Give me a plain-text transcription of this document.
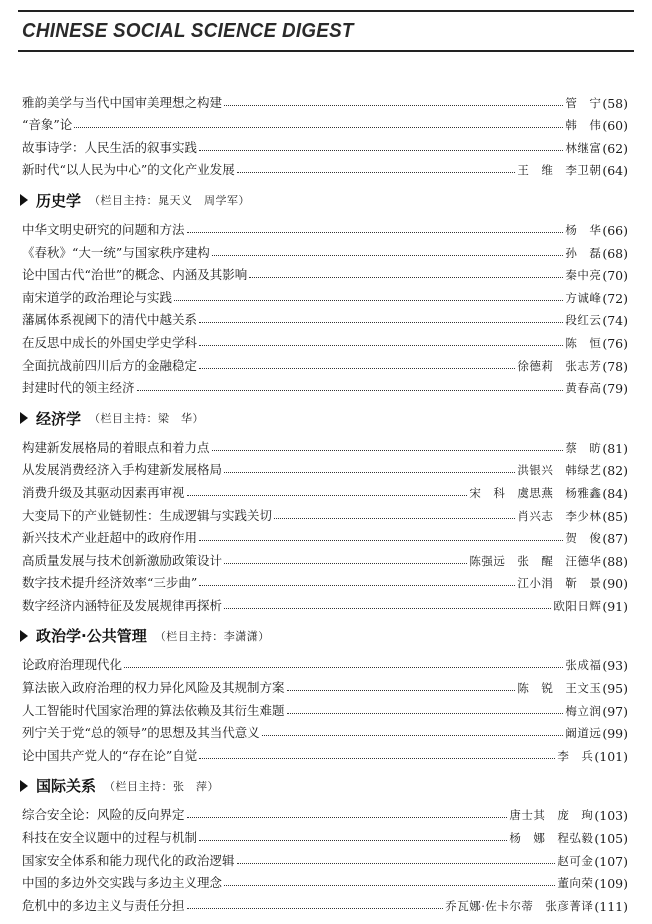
CHINESE SOCIAL SCIENCE DIGEST
雅韵美学与当代中国审美理想之构建	管　宁 (58)
“音象”论	韩　伟 (60)
故事诗学：人民生活的叙事实践	林继富 (62)
新时代“以人民为中心”的文化产业发展	王　维　李卫朝 (64)
历史学 （栏目主持：晁天义　周学军）
中华文明史研究的问题和方法	杨　华 (66)
《春秋》“大一统”与国家秩序建构	孙　磊 (68)
论中国古代“治世”的概念、内涵及其影响	秦中亮 (70)
南宋道学的政治理论与实践	方诚峰 (72)
藩属体系视阈下的清代中越关系	段红云 (74)
在反思中成长的外国史学史学科	陈　恒 (76)
全面抗战前四川后方的金融稳定	徐德莉　张志芳 (78)
封建时代的领主经济	黄春高 (79)
经济学 （栏目主持：梁　华）
构建新发展格局的着眼点和着力点	蔡　昉 (81)
从发展消费经济入手构建新发展格局	洪银兴　韩绿艺 (82)
消费升级及其驱动因素再审视	宋　科　虞思燕　杨雅鑫 (84)
大变局下的产业链韧性：生成逻辑与实践关切	肖兴志　李少林 (85)
新兴技术产业赶超中的政府作用	贺　俊 (87)
高质量发展与技术创新激励政策设计	陈强远　张　醒　汪德华 (88)
数字技术提升经济效率“三步曲”	江小涓　靳　景 (90)
数字经济内涵特征及发展规律再探析	欧阳日辉 (91)
政治学·公共管理 （栏目主持：李潇潇）
论政府治理现代化	张成福 (93)
算法嵌入政府治理的权力异化风险及其规制方案	陈　锐　王文玉 (95)
人工智能时代国家治理的算法依赖及其衍生难题	梅立润 (97)
列宁关于党“总的领导”的思想及其当代意义	阚道远 (99)
论中国共产党人的“存在论”自觉	李　兵 (101)
国际关系 （栏目主持：张　萍）
综合安全论：风险的反向界定	唐士其　庞　珣 (103)
科技在安全议题中的过程与机制	杨　娜　程弘毅 (105)
国家安全体系和能力现代化的政治逻辑	赵可金 (107)
中国的多边外交实践与多边主义理念	董向荣 (109)
危机中的多边主义与责任分担	乔瓦娜·佐卡尔蒂　张彦菁译 (111)
